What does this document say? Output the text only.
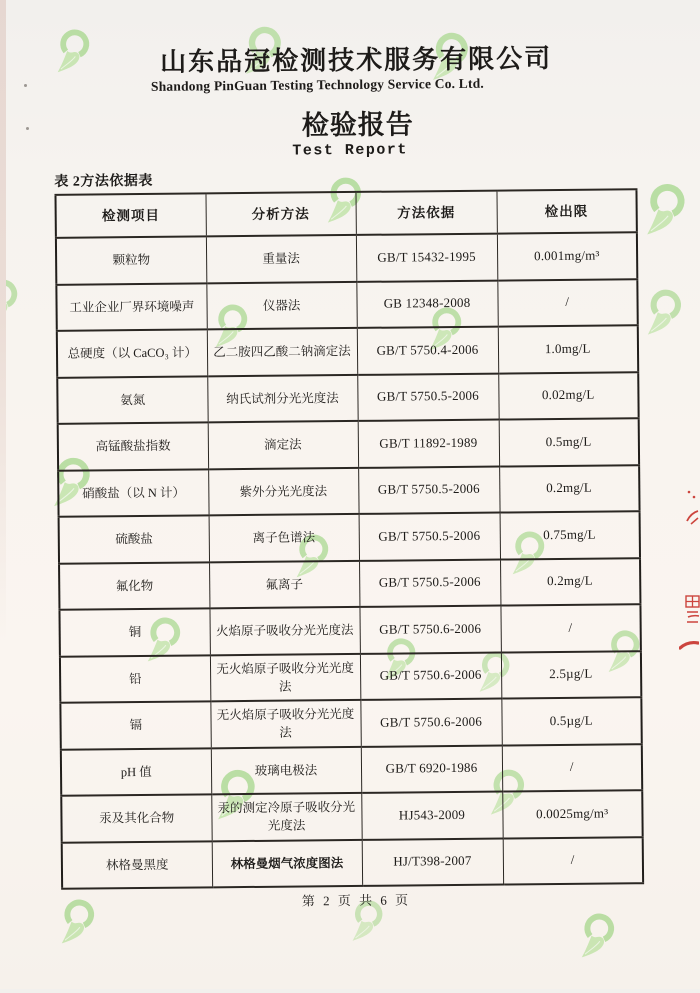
山东品冠检测技术服务有限公司
Shandong PinGuan Testing Technology Service Co. Ltd.
检验报告
Test Report
表 2方法依据表
检测项目	分析方法	方法依据	检出限
颗粒物	重量法	GB/T 15432-1995	0.001mg/m³
工业企业厂界环境噪声	仪器法	GB 12348-2008	/
总硬度（以 CaCO₃ 计）	乙二胺四乙酸二钠滴定法	GB/T 5750.4-2006	1.0mg/L
氨氮	纳氏试剂分光光度法	GB/T 5750.5-2006	0.02mg/L
高锰酸盐指数	滴定法	GB/T 11892-1989	0.5mg/L
硝酸盐（以 N 计）	紫外分光光度法	GB/T 5750.5-2006	0.2mg/L
硫酸盐	离子色谱法	GB/T 5750.5-2006	0.75mg/L
氟化物	氟离子	GB/T 5750.5-2006	0.2mg/L
铜	火焰原子吸收分光光度法	GB/T 5750.6-2006	/
铅	无火焰原子吸收分光光度法	GB/T 5750.6-2006	2.5µg/L
镉	无火焰原子吸收分光光度法	GB/T 5750.6-2006	0.5µg/L
pH 值	玻璃电极法	GB/T 6920-1986	/
汞及其化合物	汞的测定冷原子吸收分光光度法	HJ543-2009	0.0025mg/m³
林格曼黑度	林格曼烟气浓度图法	HJ/T398-2007	/
第 2 页 共 6 页
